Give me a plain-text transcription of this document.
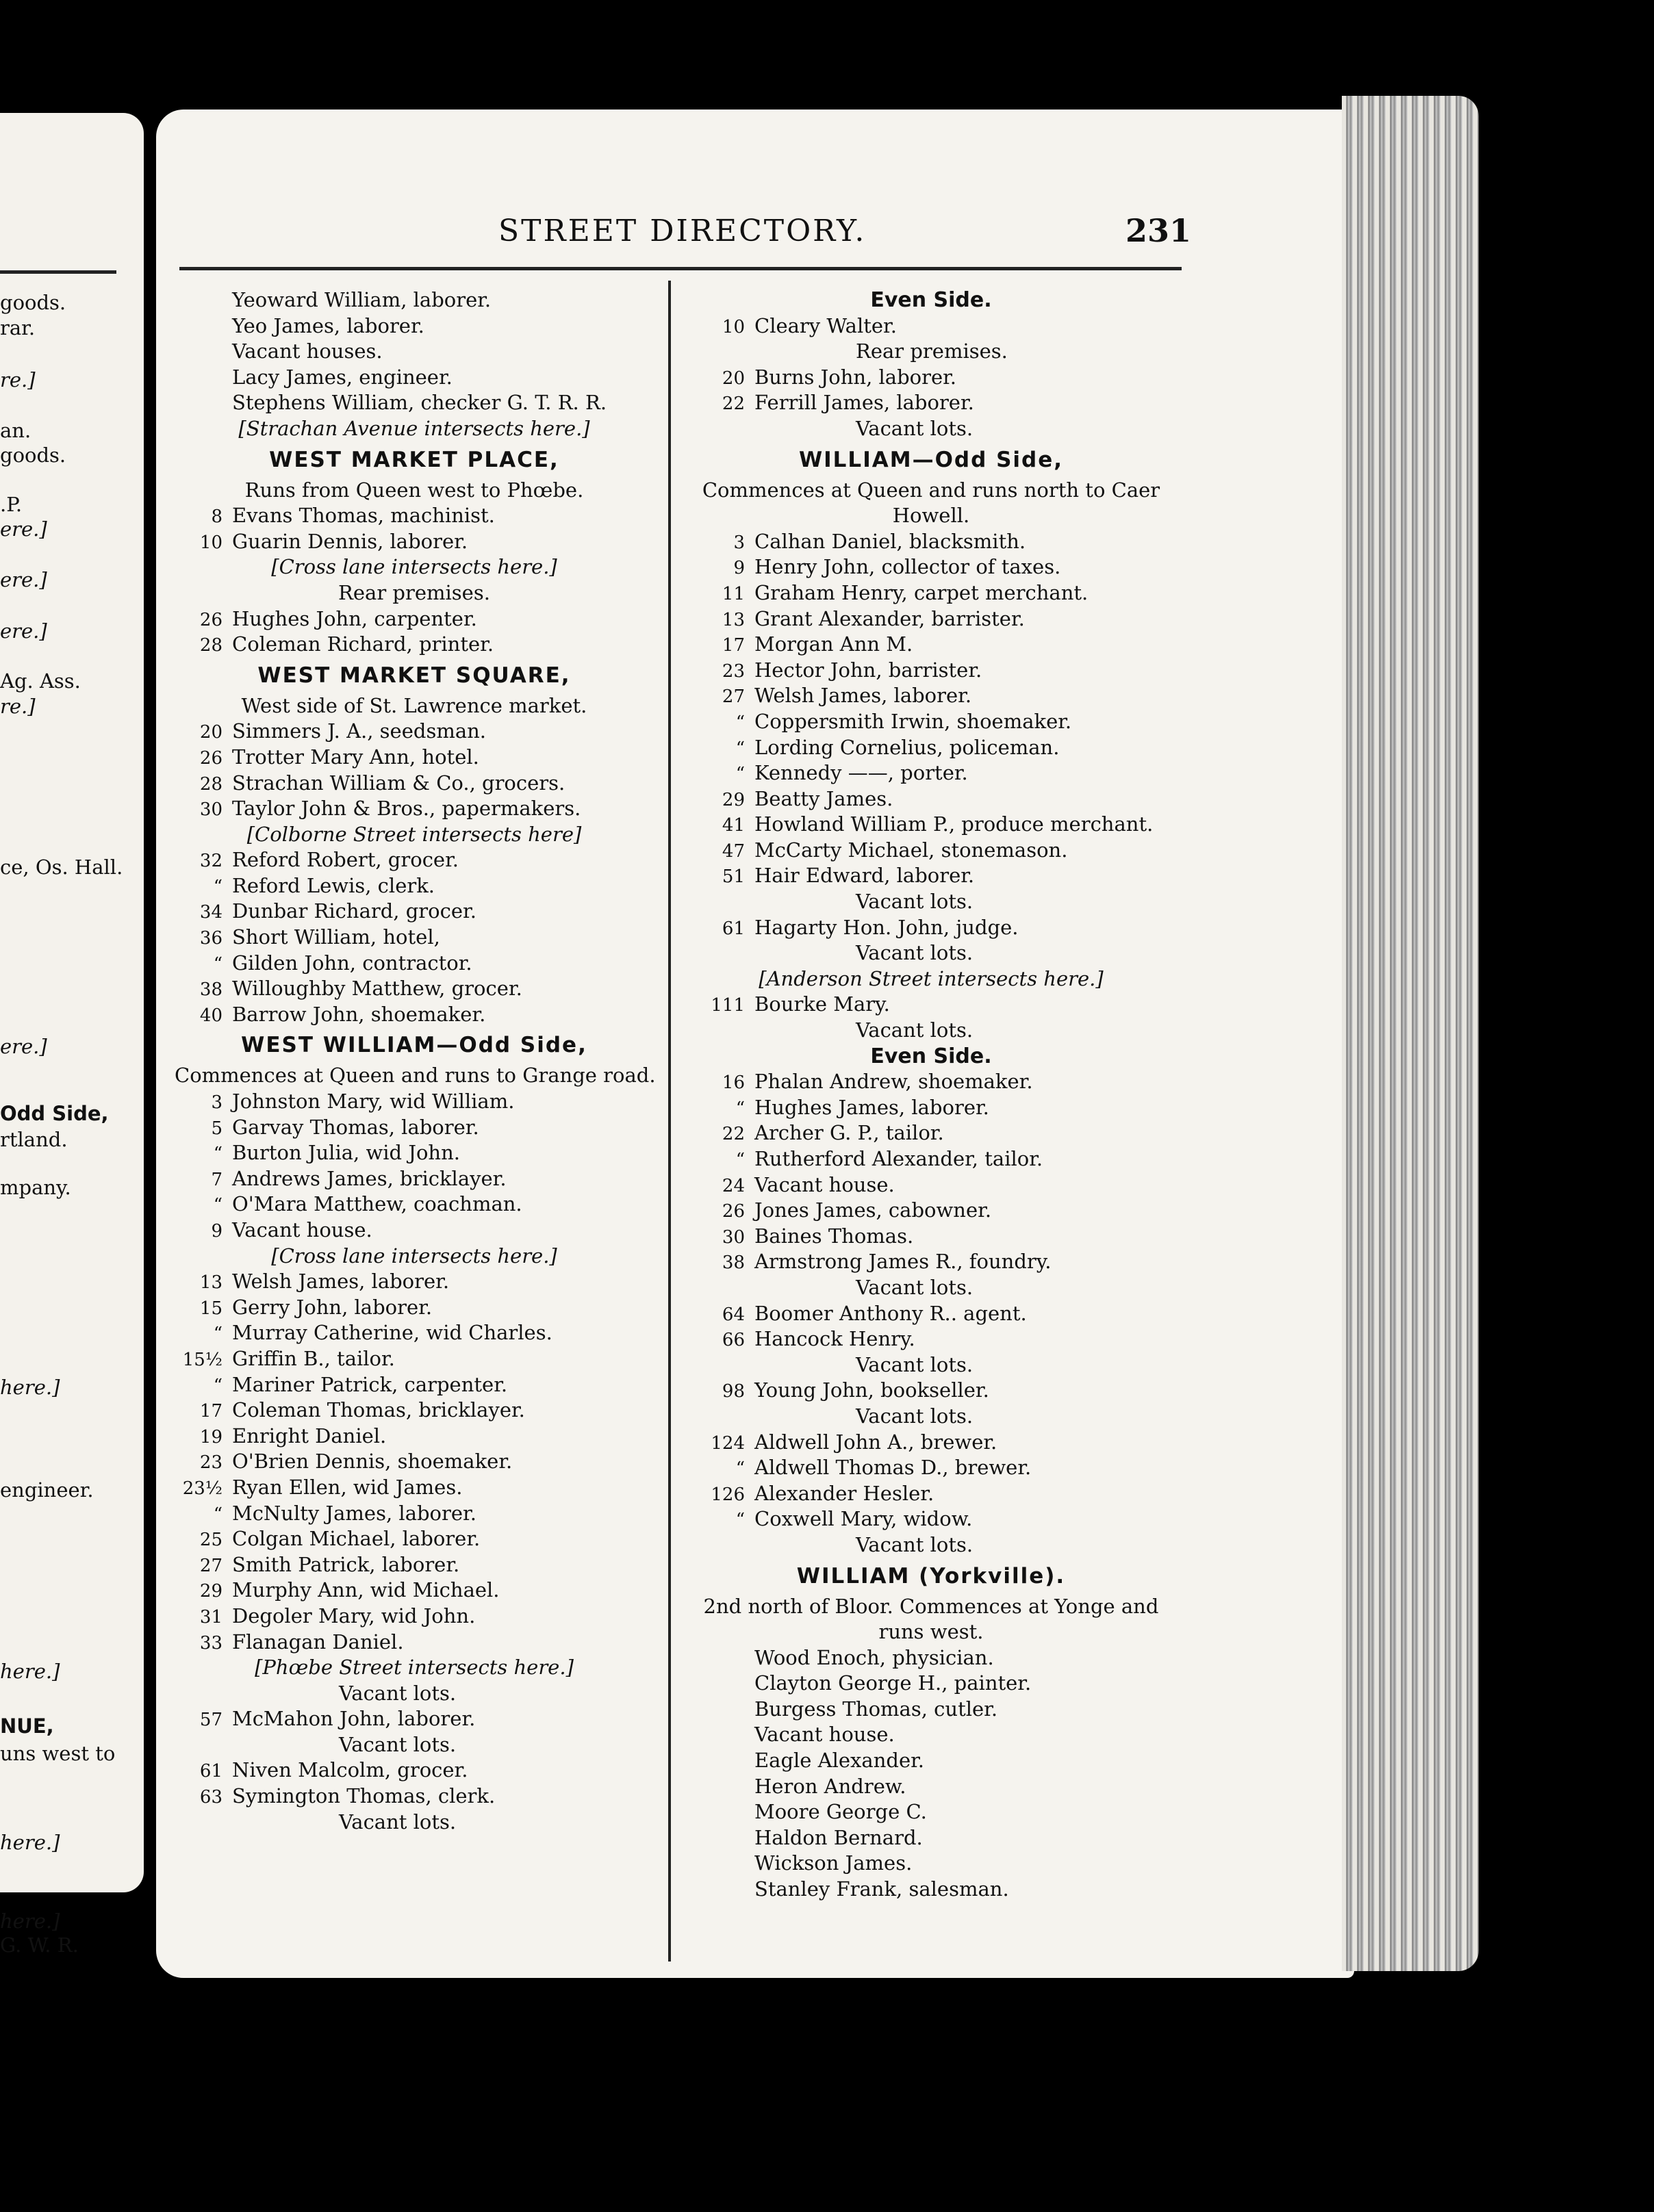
goods.
rar.
re.]
an.
goods.
.P.
ere.]
ere.]
ere.]
Ag. Ass.
re.]
ce, Os. Hall.
ere.]
Odd Side,
rtland.
mpany.
here.]
engineer.
here.]
NUE,
uns west to
here.]
here.]
G. W. R.
STREET DIRECTORY.	231
Yeoward William, laborer.
Yeo James, laborer.
Vacant houses.
Lacy James, engineer.
Stephens William, checker G. T. R. R.
[Strachan Avenue intersects here.]
WEST MARKET PLACE,
Runs from Queen west to Phœbe.
8 Evans Thomas, machinist.
10 Guarin Dennis, laborer.
[Cross lane intersects here.]
Rear premises.
26 Hughes John, carpenter.
28 Coleman Richard, printer.
WEST MARKET SQUARE,
West side of St. Lawrence market.
20 Simmers J. A., seedsman.
26 Trotter Mary Ann, hotel.
28 Strachan William & Co., grocers.
30 Taylor John & Bros., papermakers.
[Colborne Street intersects here]
32 Reford Robert, grocer.
“ Reford Lewis, clerk.
34 Dunbar Richard, grocer.
36 Short William, hotel,
“ Gilden John, contractor.
38 Willoughby Matthew, grocer.
40 Barrow John, shoemaker.
WEST WILLIAM—Odd Side,
Commences at Queen and runs to Grange road.
3 Johnston Mary, wid William.
5 Garvay Thomas, laborer.
“ Burton Julia, wid John.
7 Andrews James, bricklayer.
“ O'Mara Matthew, coachman.
9 Vacant house.
[Cross lane intersects here.]
13 Welsh James, laborer.
15 Gerry John, laborer.
“ Murray Catherine, wid Charles.
15½ Griffin B., tailor.
“ Mariner Patrick, carpenter.
17 Coleman Thomas, bricklayer.
19 Enright Daniel.
23 O'Brien Dennis, shoemaker.
23½ Ryan Ellen, wid James.
“ McNulty James, laborer.
25 Colgan Michael, laborer.
27 Smith Patrick, laborer.
29 Murphy Ann, wid Michael.
31 Degoler Mary, wid John.
33 Flanagan Daniel.
[Phœbe Street intersects here.]
Vacant lots.
57 McMahon John, laborer.
Vacant lots.
61 Niven Malcolm, grocer.
63 Symington Thomas, clerk.
Vacant lots.
Even Side.
10 Cleary Walter.
Rear premises.
20 Burns John, laborer.
22 Ferrill James, laborer.
Vacant lots.
WILLIAM—Odd Side,
Commences at Queen and runs north to Caer
Howell.
3 Calhan Daniel, blacksmith.
9 Henry John, collector of taxes.
11 Graham Henry, carpet merchant.
13 Grant Alexander, barrister.
17 Morgan Ann M.
23 Hector John, barrister.
27 Welsh James, laborer.
“ Coppersmith Irwin, shoemaker.
“ Lording Cornelius, policeman.
“ Kennedy ——, porter.
29 Beatty James.
41 Howland William P., produce merchant.
47 McCarty Michael, stonemason.
51 Hair Edward, laborer.
Vacant lots.
61 Hagarty Hon. John, judge.
Vacant lots.
[Anderson Street intersects here.]
111 Bourke Mary.
Vacant lots.
Even Side.
16 Phalan Andrew, shoemaker.
“ Hughes James, laborer.
22 Archer G. P., tailor.
“ Rutherford Alexander, tailor.
24 Vacant house.
26 Jones James, cabowner.
30 Baines Thomas.
38 Armstrong James R., foundry.
Vacant lots.
64 Boomer Anthony R.. agent.
66 Hancock Henry.
Vacant lots.
98 Young John, bookseller.
Vacant lots.
124 Aldwell John A., brewer.
“ Aldwell Thomas D., brewer.
126 Alexander Hesler.
“ Coxwell Mary, widow.
Vacant lots.
WILLIAM (Yorkville).
2nd north of Bloor. Commences at Yonge and
runs west.
Wood Enoch, physician.
Clayton George H., painter.
Burgess Thomas, cutler.
Vacant house.
Eagle Alexander.
Heron Andrew.
Moore George C.
Haldon Bernard.
Wickson James.
Stanley Frank, salesman.
